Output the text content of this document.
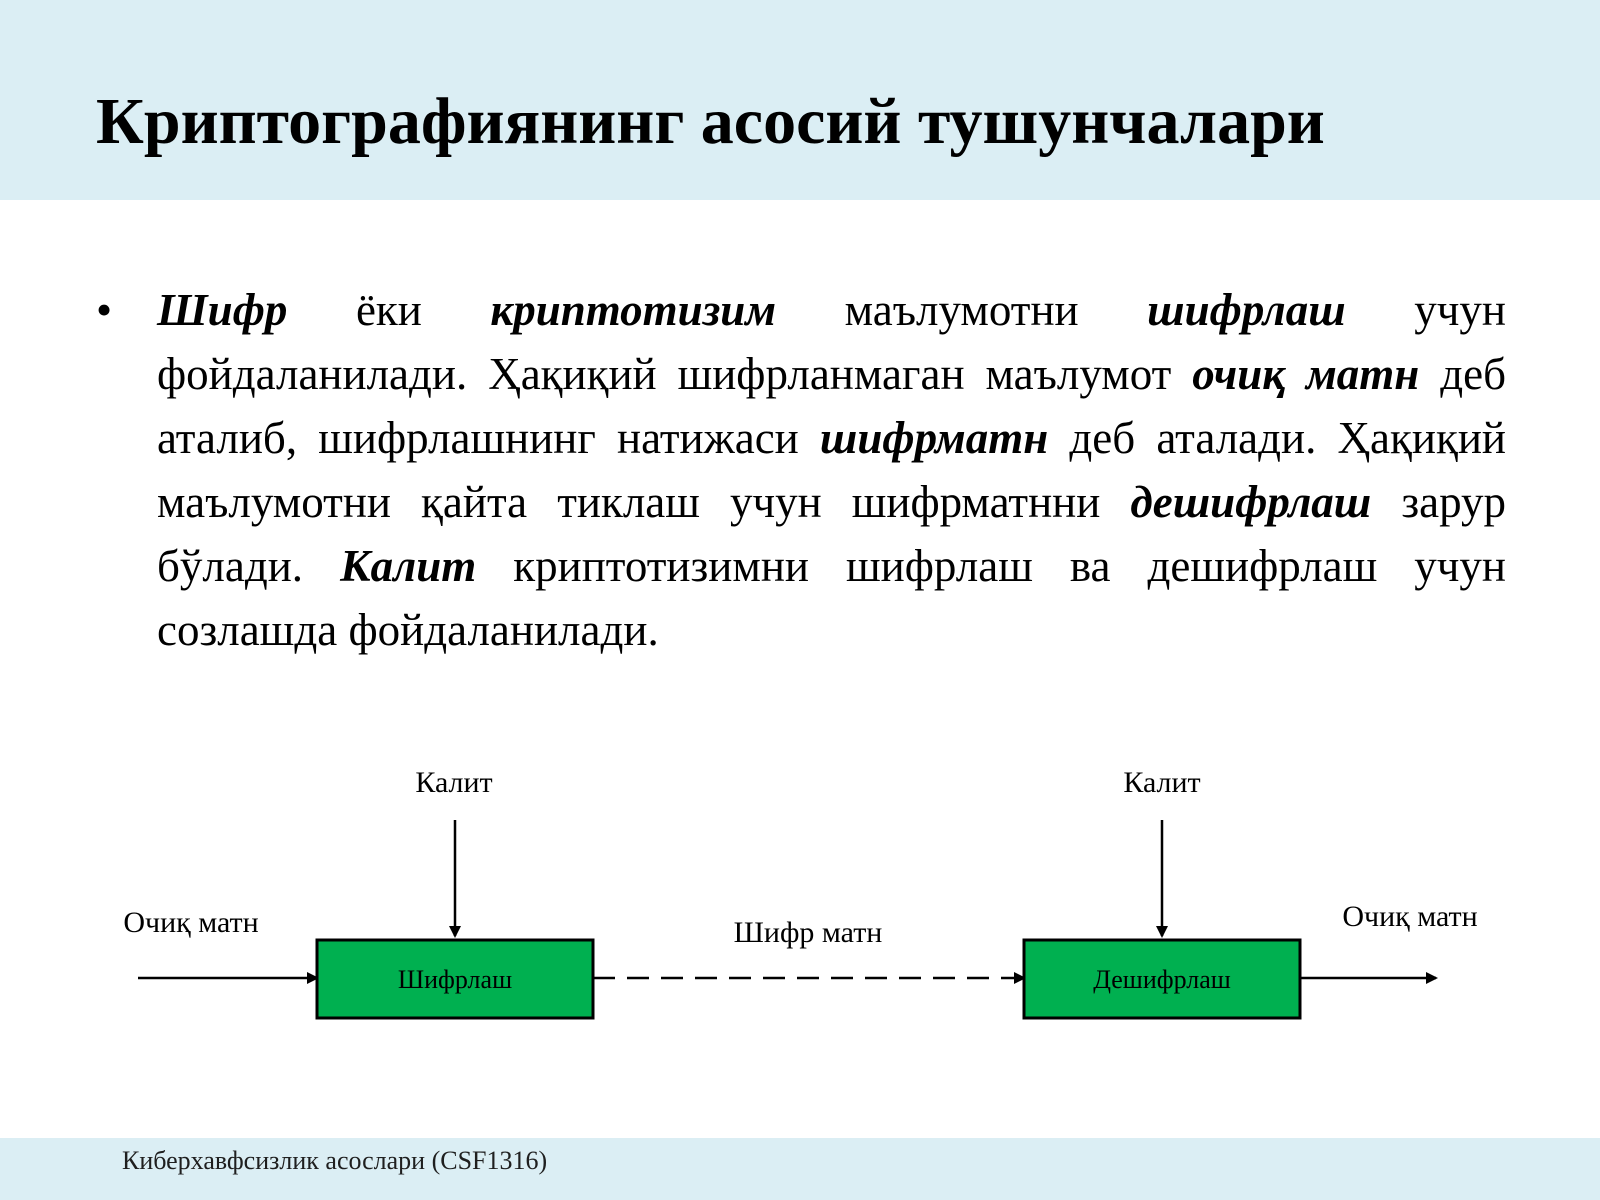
Криптографиянинг асосий тушунчалари
• Шифр ёки криптотизим маълумотни шифрлаш учун фойдаланилади. Ҳақиқий шифрланмаган маълумот очиқ матн деб аталиб, шифрлашнинг натижаси шифрматн деб аталади. Ҳақиқий маълумотни қайта тиклаш учун шифрматнни дешифрлаш зарур бўлади. Калит криптотизимни шифрлаш ва дешифрлаш учун созлашда фойдаланилади.

Калит
Очиқ матн
Шифрлаш
Шифр матн
Калит
Дешифрлаш
Очиқ матн
Киберхавфсизлик асослари (CSF1316)
